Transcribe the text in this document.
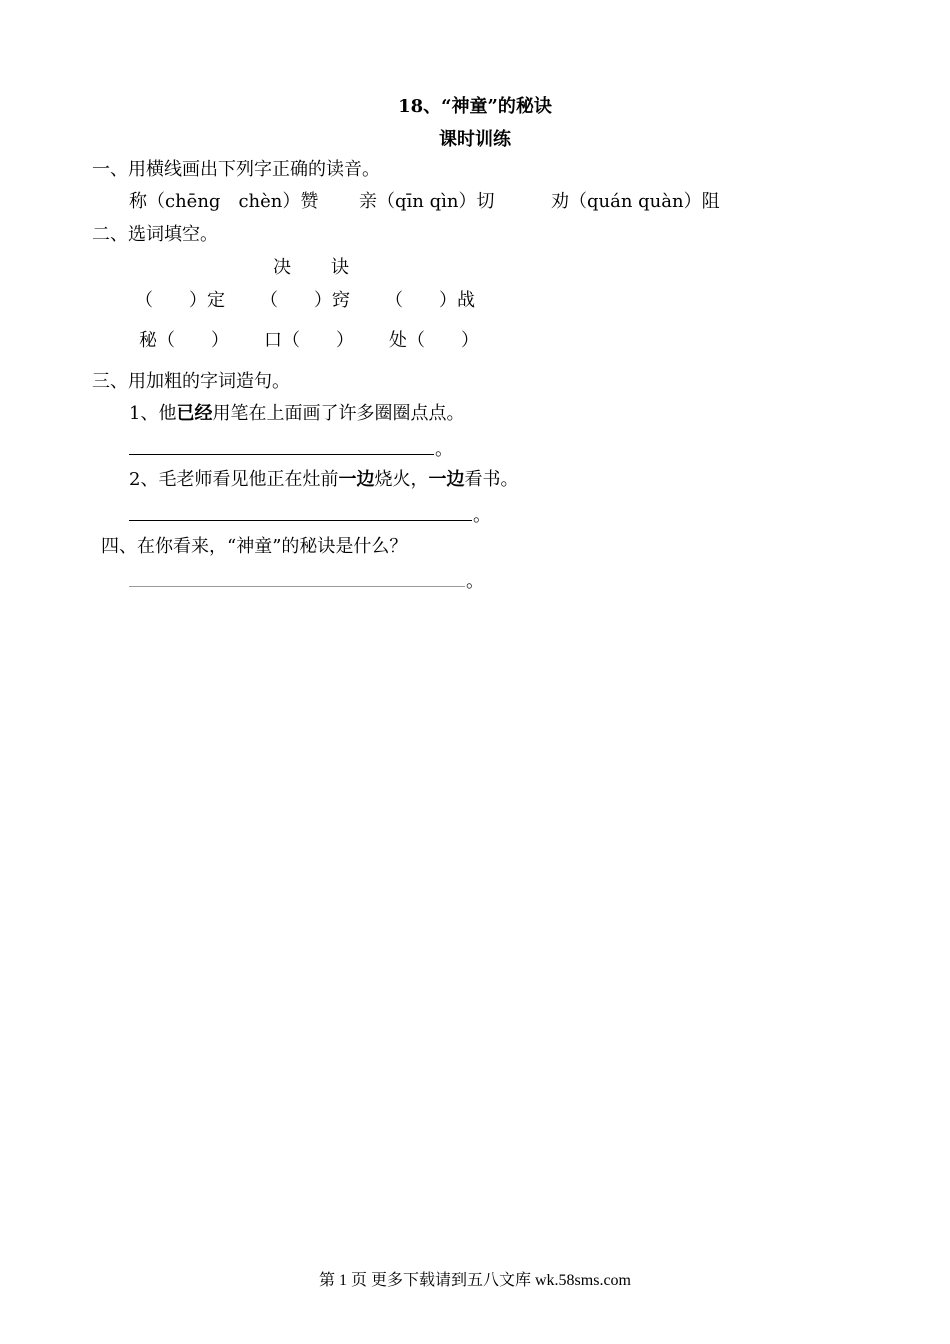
18、“神童”的秘诀
课时训练
一、用横线画出下列字正确的读音。
称（chēng　chèn）赞 亲（qīn qìn）切	劝（quán quàn）阻
二、选词填空。
决 诀
（　　）定 （　　）窍 （　　）战
秘（　　） 口（　　） 处（　　）
三、用加粗的字词造句。
1、他已经用笔在上面画了许多圈圈点点。
。
2、毛老师看见他正在灶前一边烧火，一边看书。
。
四、在你看来，“神童”的秘诀是什么？
。
第 1 页 更多下载请到五八文库 wk.58sms.com
